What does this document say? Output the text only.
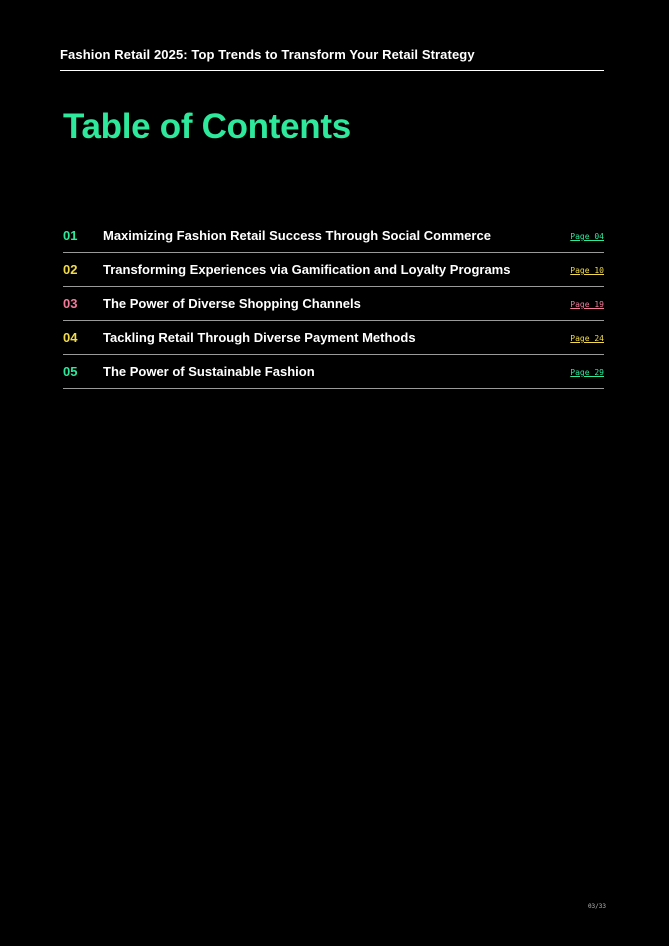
Fashion Retail 2025: Top Trends to Transform Your Retail Strategy
Table of Contents
01 Maximizing Fashion Retail Success Through Social Commerce	Page 04
02 Transforming Experiences via Gamification and Loyalty Programs	Page 10
03 The Power of Diverse Shopping Channels	Page 19
04 Tackling Retail Through Diverse Payment Methods	Page 24
05 The Power of Sustainable Fashion	Page 29
03/33
